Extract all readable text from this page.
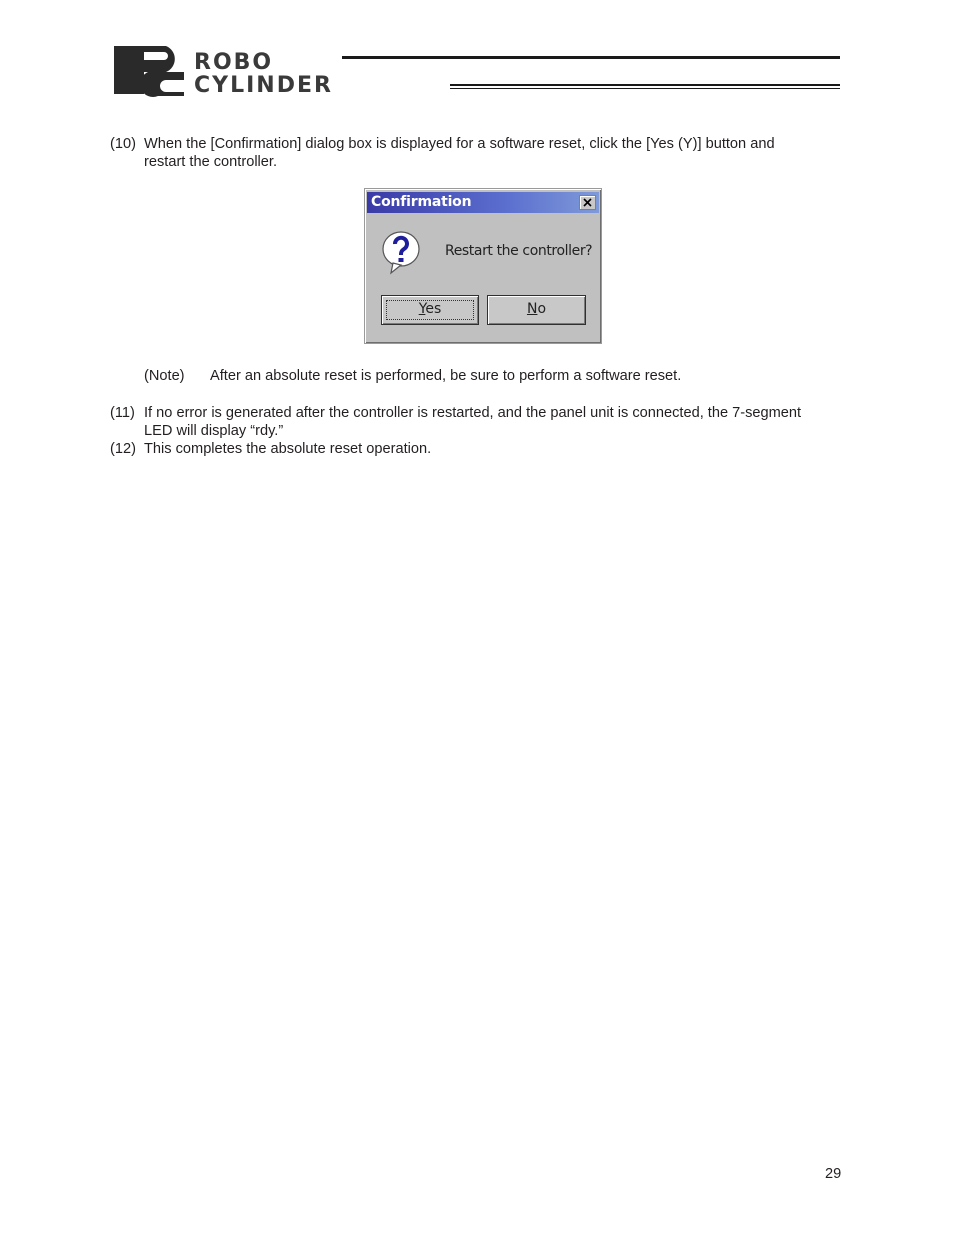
ROBO
CYLINDER
(10) When the [Confirmation] dialog box is displayed for a software reset, click the [Yes (Y)] button and
restart the controller.
Confirmation
Restart the controller?
Yes	No
(Note) After an absolute reset is performed, be sure to perform a software reset.
(11) If no error is generated after the controller is restarted, and the panel unit is connected, the 7-segment
LED will display “rdy.”
(12) This completes the absolute reset operation.
29
